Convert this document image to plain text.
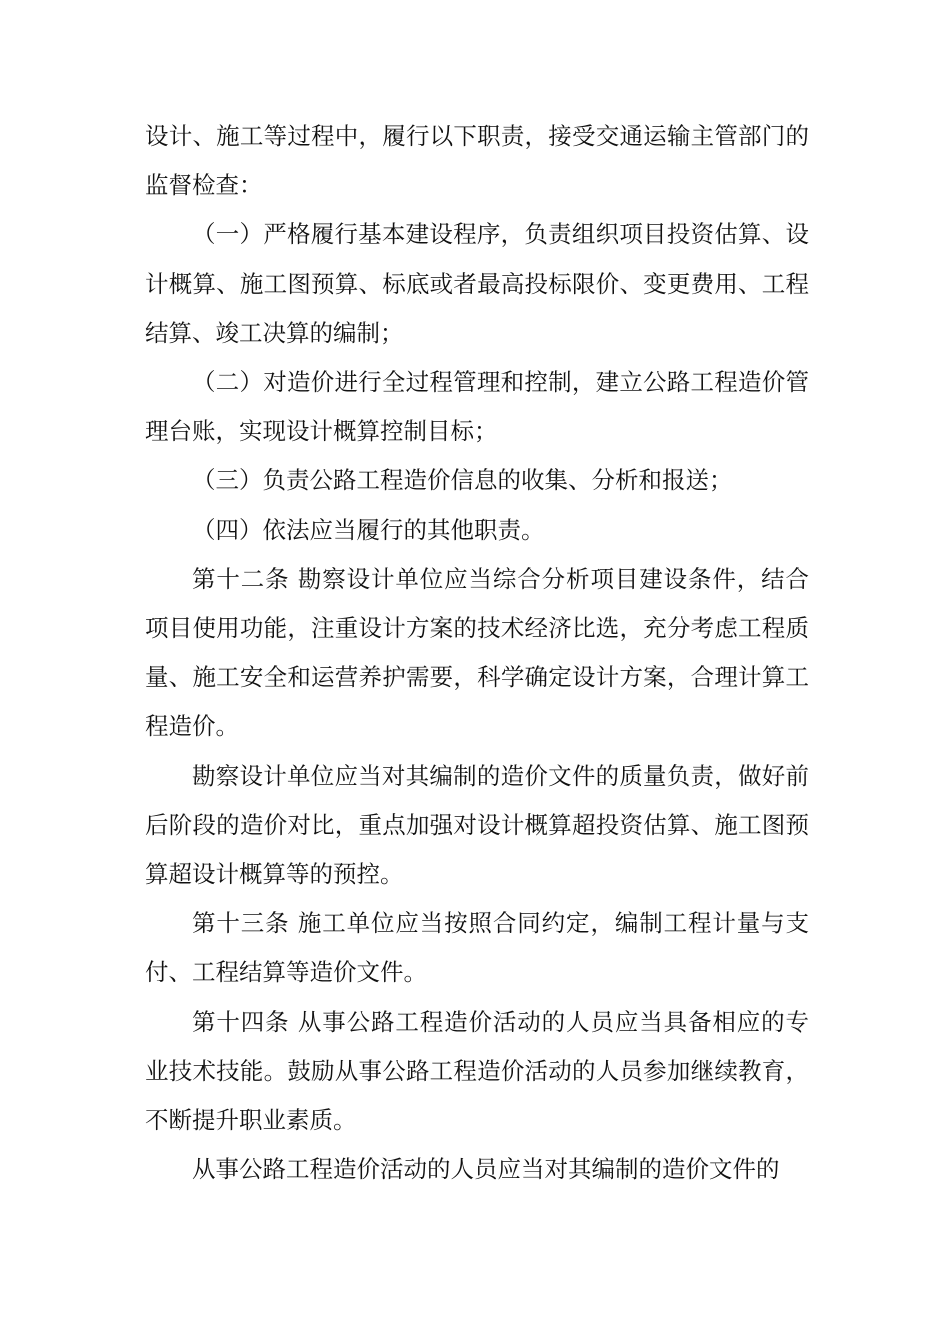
设计、施工等过程中，履行以下职责，接受交通运输主管部门的监督检查：

（一）严格履行基本建设程序，负责组织项目投资估算、设计概算、施工图预算、标底或者最高投标限价、变更费用、工程结算、竣工决算的编制；

（二）对造价进行全过程管理和控制，建立公路工程造价管理台账，实现设计概算控制目标；

（三）负责公路工程造价信息的收集、分析和报送；

（四）依法应当履行的其他职责。

第十二条 勘察设计单位应当综合分析项目建设条件，结合项目使用功能，注重设计方案的技术经济比选，充分考虑工程质量、施工安全和运营养护需要，科学确定设计方案，合理计算工程造价。

勘察设计单位应当对其编制的造价文件的质量负责，做好前后阶段的造价对比，重点加强对设计概算超投资估算、施工图预算超设计概算等的预控。

第十三条 施工单位应当按照合同约定，编制工程计量与支付、工程结算等造价文件。

第十四条 从事公路工程造价活动的人员应当具备相应的专业技术技能。鼓励从事公路工程造价活动的人员参加继续教育，不断提升职业素质。

从事公路工程造价活动的人员应当对其编制的造价文件的
